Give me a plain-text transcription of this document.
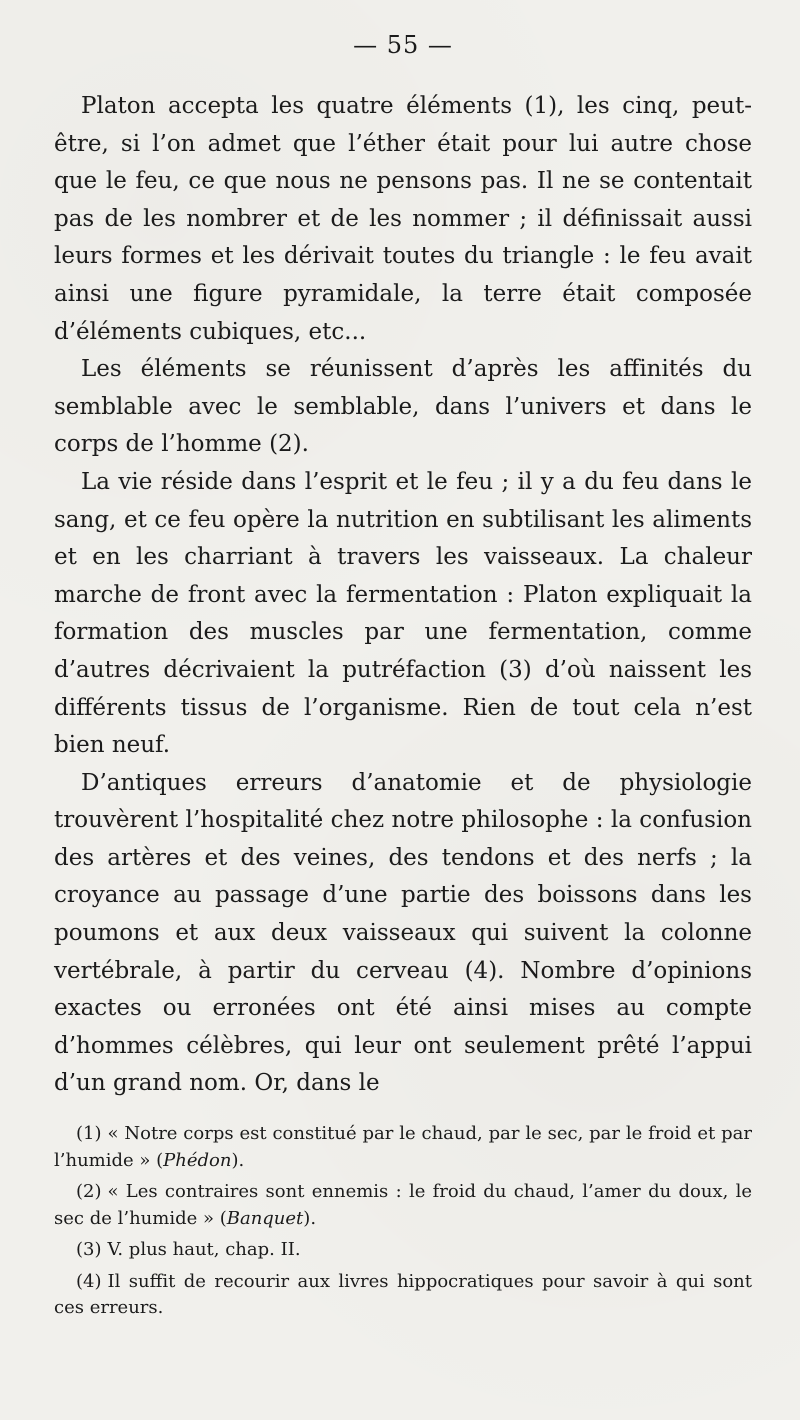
— 55 —

Platon accepta les quatre éléments (1), les cinq, peut-être, si l’on admet que l’éther était pour lui autre chose que le feu, ce que nous ne pensons pas. Il ne se contentait pas de les nombrer et de les nommer ; il définissait aussi leurs formes et les dérivait toutes du triangle : le feu avait ainsi une figure pyramidale, la terre était composée d’éléments cubiques, etc...

Les éléments se réunissent d’après les affinités du semblable avec le semblable, dans l’univers et dans le corps de l’homme (2).

La vie réside dans l’esprit et le feu ; il y a du feu dans le sang, et ce feu opère la nutrition en subtilisant les aliments et en les charriant à travers les vaisseaux. La chaleur marche de front avec la fermentation : Platon expliquait la formation des muscles par une fermentation, comme d’autres décrivaient la putréfaction (3) d’où naissent les différents tissus de l’organisme. Rien de tout cela n’est bien neuf.

D’antiques erreurs d’anatomie et de physiologie trouvèrent l’hospitalité chez notre philosophe : la confusion des artères et des veines, des tendons et des nerfs ; la croyance au passage d’une partie des boissons dans les poumons et aux deux vaisseaux qui suivent la colonne vertébrale, à partir du cerveau (4). Nombre d’opinions exactes ou erronées ont été ainsi mises au compte d’hommes célèbres, qui leur ont seulement prêté l’appui d’un grand nom. Or, dans le

(1) « Notre corps est constitué par le chaud, par le sec, par le froid et par l’humide » (Phédon).

(2) « Les contraires sont ennemis : le froid du chaud, l’amer du doux, le sec de l’humide » (Banquet).

(3) V. plus haut, chap. II.

(4) Il suffit de recourir aux livres hippocratiques pour savoir à qui sont ces erreurs.
